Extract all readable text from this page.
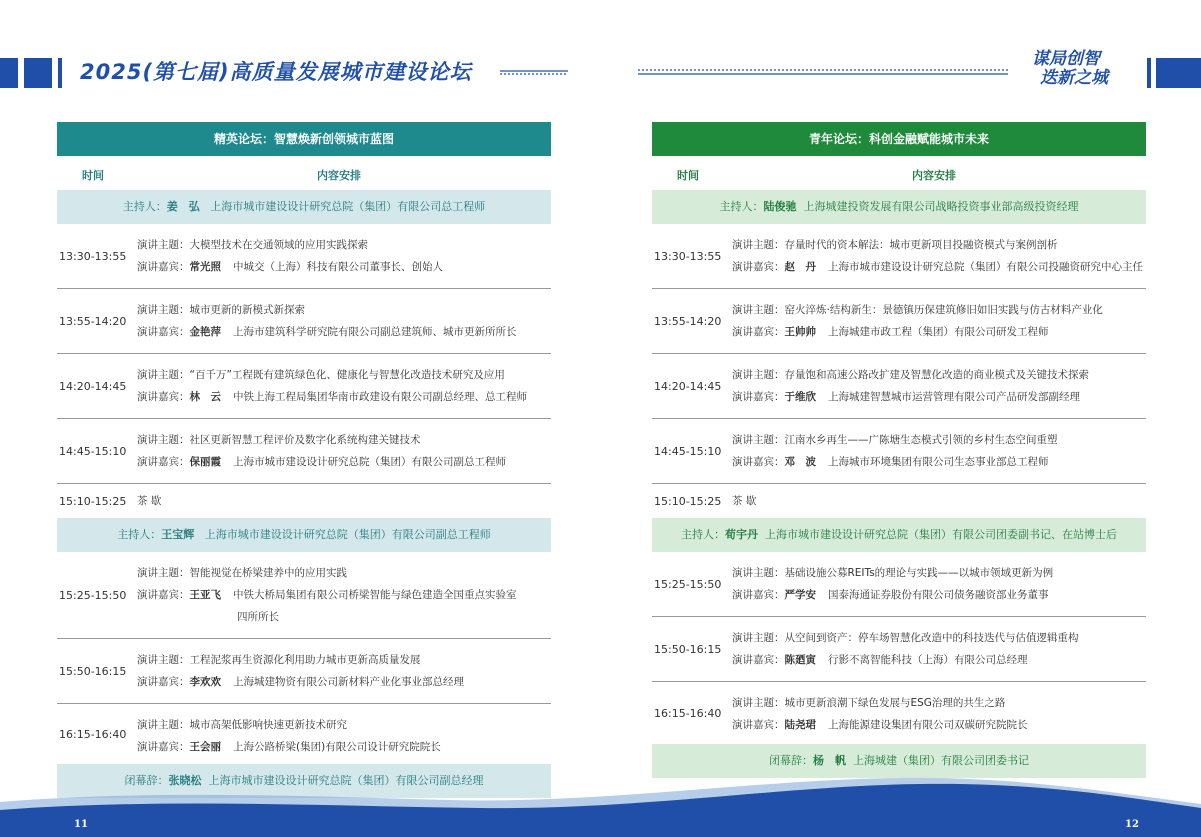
2025(第七届)高质量发展城市建设论坛
谋局创智
迭新之城
精英论坛：智慧焕新创领城市蓝图
时间	内容安排
主持人：姜　弘 上海市城市建设设计研究总院（集团）有限公司总工程师
13:30-13:55
演讲主题：大模型技术在交通领域的应用实践探索
演讲嘉宾：常光照 中城交（上海）科技有限公司董事长、创始人
13:55-14:20
演讲主题：城市更新的新模式新探索
演讲嘉宾：金艳萍 上海市建筑科学研究院有限公司副总建筑师、城市更新所所长
14:20-14:45
演讲主题：“百千万”工程既有建筑绿色化、健康化与智慧化改造技术研究及应用
演讲嘉宾：林　云 中铁上海工程局集团华南市政建设有限公司副总经理、总工程师
14:45-15:10
演讲主题：社区更新智慧工程评价及数字化系统构建关键技术
演讲嘉宾：保丽霞 上海市城市建设设计研究总院（集团）有限公司副总工程师
15:10-15:25 茶 歇
主持人：王宝辉 上海市城市建设设计研究总院（集团）有限公司副总工程师
15:25-15:50
演讲主题：智能视觉在桥梁建养中的应用实践
演讲嘉宾：王亚飞 中铁大桥局集团有限公司桥梁智能与绿色建造全国重点实验室
四所所长
15:50-16:15
演讲主题：工程泥浆再生资源化利用助力城市更新高质量发展
演讲嘉宾：李欢欢 上海城建物资有限公司新材料产业化事业部总经理
16:15-16:40
演讲主题：城市高架低影响快速更新技术研究
演讲嘉宾：王会丽 上海公路桥梁(集团)有限公司设计研究院院长
闭幕辞：张晓松 上海市城市建设设计研究总院（集团）有限公司副总经理
青年论坛：科创金融赋能城市未来
时间	内容安排
主持人：陆俊驰 上海城建投资发展有限公司战略投资事业部高级投资经理
13:30-13:55
演讲主题：存量时代的资本解法：城市更新项目投融资模式与案例剖析
演讲嘉宾：赵　丹 上海市城市建设设计研究总院（集团）有限公司投融资研究中心主任
13:55-14:20
演讲主题：窑火淬炼·结构新生：景德镇历保建筑修旧如旧实践与仿古材料产业化
演讲嘉宾：王帅帅 上海城建市政工程（集团）有限公司研发工程师
14:20-14:45
演讲主题：存量饱和高速公路改扩建及智慧化改造的商业模式及关键技术探索
演讲嘉宾：于维欣 上海城建智慧城市运营管理有限公司产品研发部副经理
14:45-15:10
演讲主题：江南水乡再生——广陈塘生态模式引领的乡村生态空间重塑
演讲嘉宾：邓　波 上海城市环境集团有限公司生态事业部总工程师
15:10-15:25 茶 歇
主持人：荀宇丹 上海市城市建设设计研究总院（集团）有限公司团委副书记、在站博士后
15:25-15:50
演讲主题：基础设施公募REITs的理论与实践——以城市领域更新为例
演讲嘉宾：严学安 国泰海通证券股份有限公司债务融资部业务董事
15:50-16:15
演讲主题：从空间到资产：停车场智慧化改造中的科技迭代与估值逻辑重构
演讲嘉宾：陈廼寅 行影不离智能科技（上海）有限公司总经理
16:15-16:40
演讲主题：城市更新浪潮下绿色发展与ESG治理的共生之路
演讲嘉宾：陆尧珺 上海能源建设集团有限公司双碳研究院院长
闭幕辞：杨　帆 上海城建（集团）有限公司团委书记
11	12
